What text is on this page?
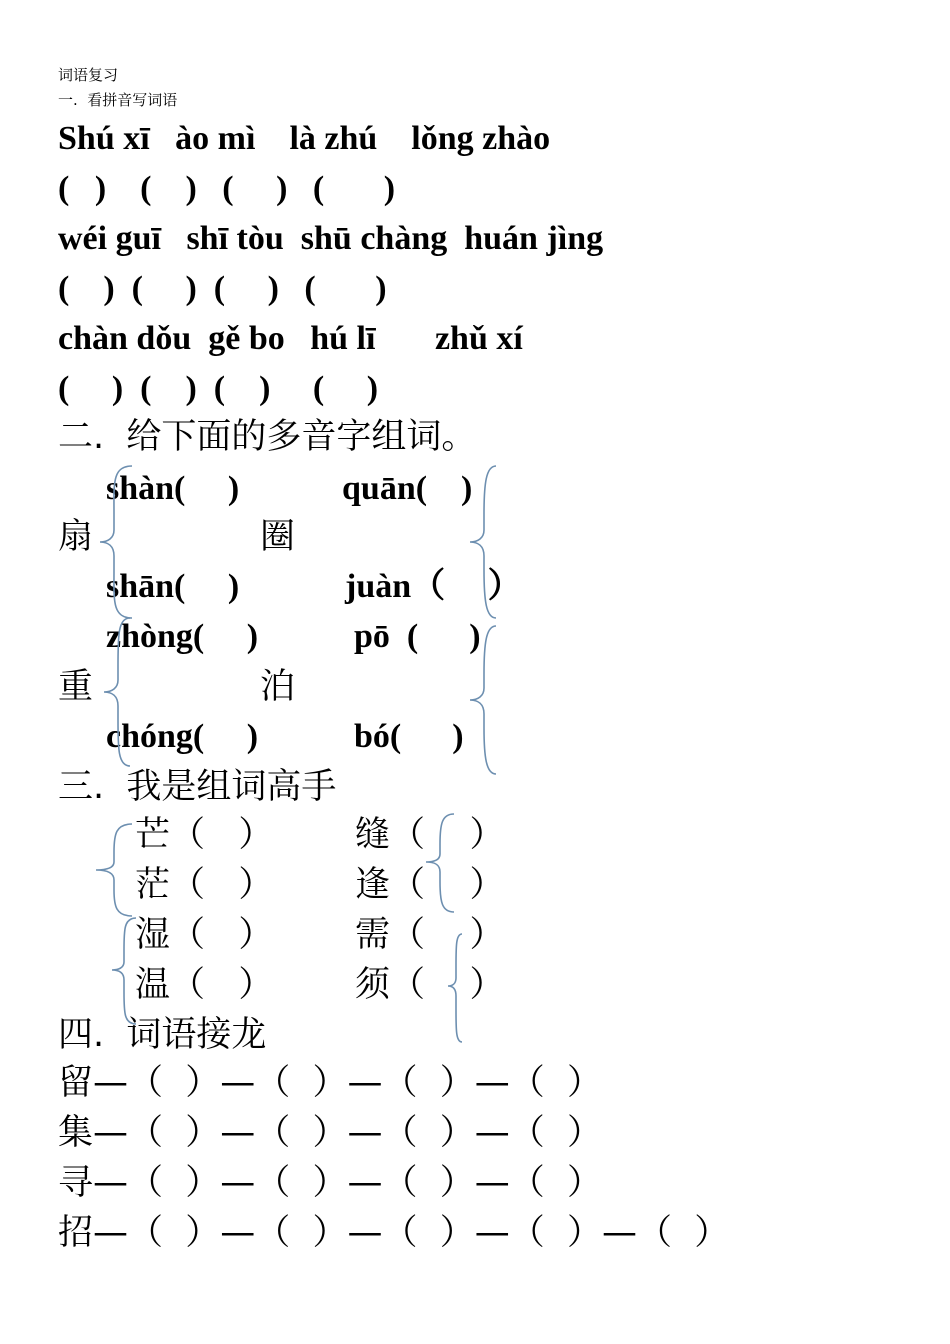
词语复习
一.  看拼音写词语
Shú xī   ào mì    là zhú    lǒng zhào
(   )    (    )   (     )   (       )
wéi guī   shī tòu  shū chàng  huán jìng
(    )  (     )  (     )   (       )
chàn dǒu  gě bo   hú lī       zhǔ xí
(     )  (    )  (    )     (     )
二.  给下面的多音字组词。
shàn(     )
扇
shān(     )
quān(    )
圈
juàn（     ）
zhòng(     )
重
chóng(     )
pō  (      )
泊
bó(      )
三.  我是组词高手
芒（   ）
茫（   ）
湿（   ）
温（   ）
缝（    ）
逢（    ）
需（    ）
须（    ）
四.  词语接龙
留—（  ）—（  ）—（  ）—（  ）
集—（  ）—（  ）—（  ）—（  ）
寻—（  ）—（  ）—（  ）—（  ）
招—（  ）—（  ）—（  ）—（  ）—（  ）
